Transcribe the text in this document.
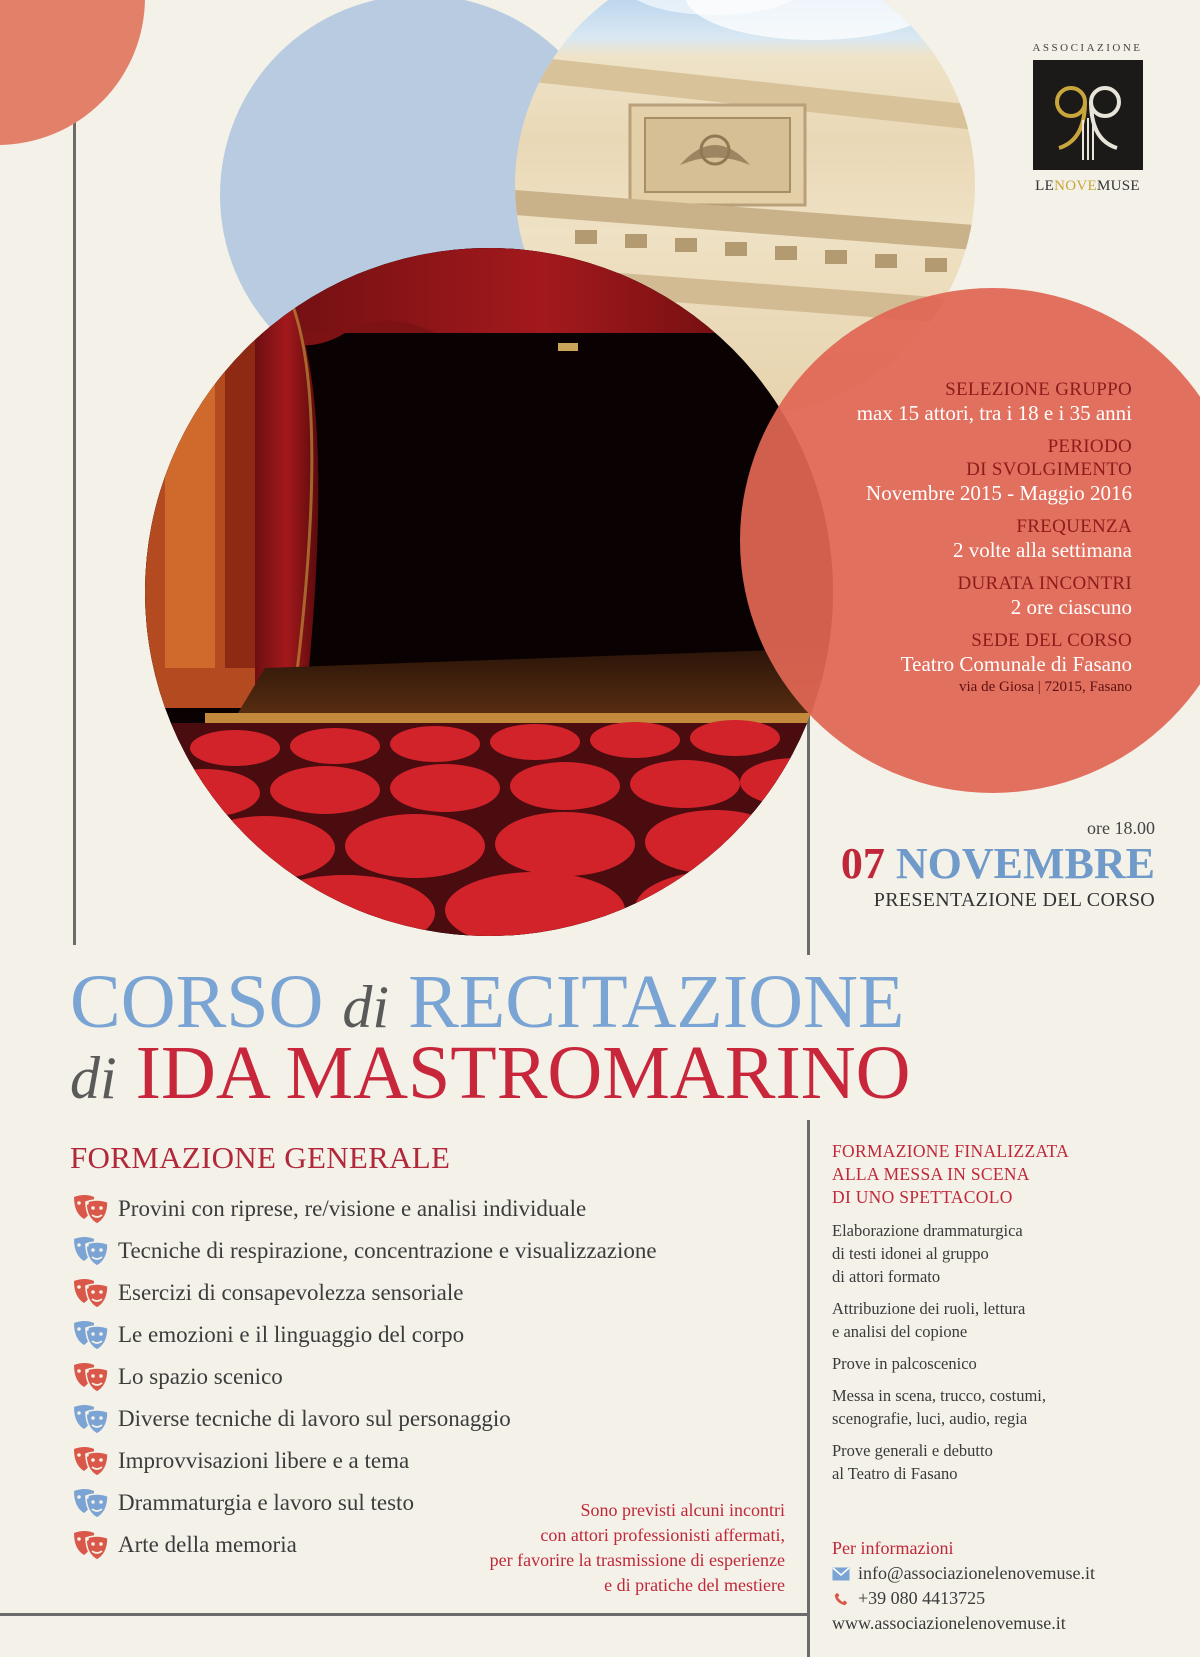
SELEZIONE GRUPPO
max 15 attori, tra i 18 e i 35 anni
PERIODO
DI SVOLGIMENTO
Novembre 2015 - Maggio 2016
FREQUENZA
2 volte alla settimana
DURATA INCONTRI
2 ore ciascuno
SEDE DEL CORSO
Teatro Comunale di Fasano
via de Giosa | 72015, Fasano
ASSOCIAZIONE
LENOVEMUSE
ore 18.00
07 NOVEMBRE
PRESENTAZIONE DEL CORSO
CORSO di RECITAZIONE
di IDA MASTROMARINO
FORMAZIONE GENERALE
Provini con riprese, re/visione e analisi individuale
Tecniche di respirazione, concentrazione e visualizzazione
Esercizi di consapevolezza sensoriale
Le emozioni e il linguaggio del corpo
Lo spazio scenico
Diverse tecniche di lavoro sul personaggio
Improvvisazioni libere e a tema
Drammaturgia e lavoro sul testo
Arte della memoria
Sono previsti alcuni incontri
con attori professionisti affermati,
per favorire la trasmissione di esperienze
e di pratiche del mestiere
FORMAZIONE FINALIZZATA
ALLA MESSA IN SCENA
DI UNO SPETTACOLO
Elaborazione drammaturgica
di testi idonei al gruppo
di attori formato
Attribuzione dei ruoli, lettura
e analisi del copione
Prove in palcoscenico
Messa in scena, trucco, costumi,
scenografie, luci, audio, regia
Prove generali e debutto
al Teatro di Fasano
Per informazioni
info@associazionelenovemuse.it
+39 080 4413725
www.associazionelenovemuse.it
